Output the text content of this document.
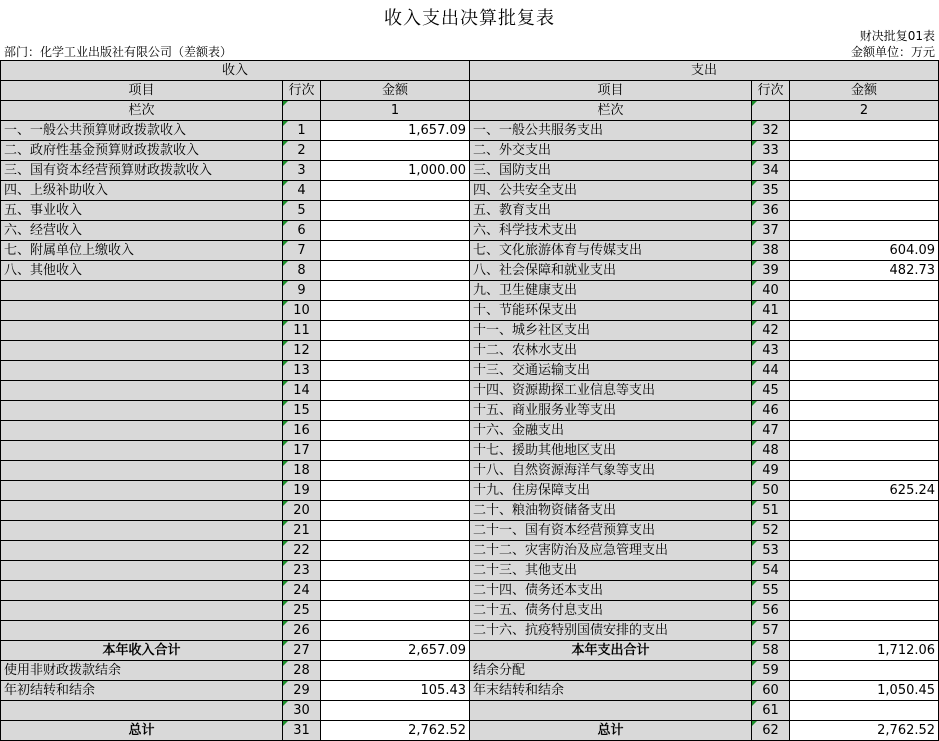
收入支出决算批复表
财决批复01表
部门：化学工业出版社有限公司（差额表）	金额单位：万元
收入			支出		
项目	行次	金额	项目	行次	金额
栏次		1	栏次		2
一、一般公共预算财政拨款收入	1	1,657.09	一、一般公共服务支出	32	
二、政府性基金预算财政拨款收入	2		二、外交支出	33	
三、国有资本经营预算财政拨款收入	3	1,000.00	三、国防支出	34	
四、上级补助收入	4		四、公共安全支出	35	
五、事业收入	5		五、教育支出	36	
六、经营收入	6		六、科学技术支出	37	
七、附属单位上缴收入	7		七、文化旅游体育与传媒支出	38	604.09
八、其他收入	8		八、社会保障和就业支出	39	482.73
	9		九、卫生健康支出	40	
	10		十、节能环保支出	41	
	11		十一、城乡社区支出	42	
	12		十二、农林水支出	43	
	13		十三、交通运输支出	44	
	14		十四、资源勘探工业信息等支出	45	
	15		十五、商业服务业等支出	46	
	16		十六、金融支出	47	
	17		十七、援助其他地区支出	48	
	18		十八、自然资源海洋气象等支出	49	
	19		十九、住房保障支出	50	625.24
	20		二十、粮油物资储备支出	51	
	21		二十一、国有资本经营预算支出	52	
	22		二十二、灾害防治及应急管理支出	53	
	23		二十三、其他支出	54	
	24		二十四、债务还本支出	55	
	25		二十五、债务付息支出	56	
	26		二十六、抗疫特别国债安排的支出	57	
本年收入合计	27	2,657.09	本年支出合计	58	1,712.06
使用非财政拨款结余	28		结余分配	59	
年初结转和结余	29	105.43	年末结转和结余	60	1,050.45
	30			61	
总计	31	2,762.52	总计	62	2,762.52
